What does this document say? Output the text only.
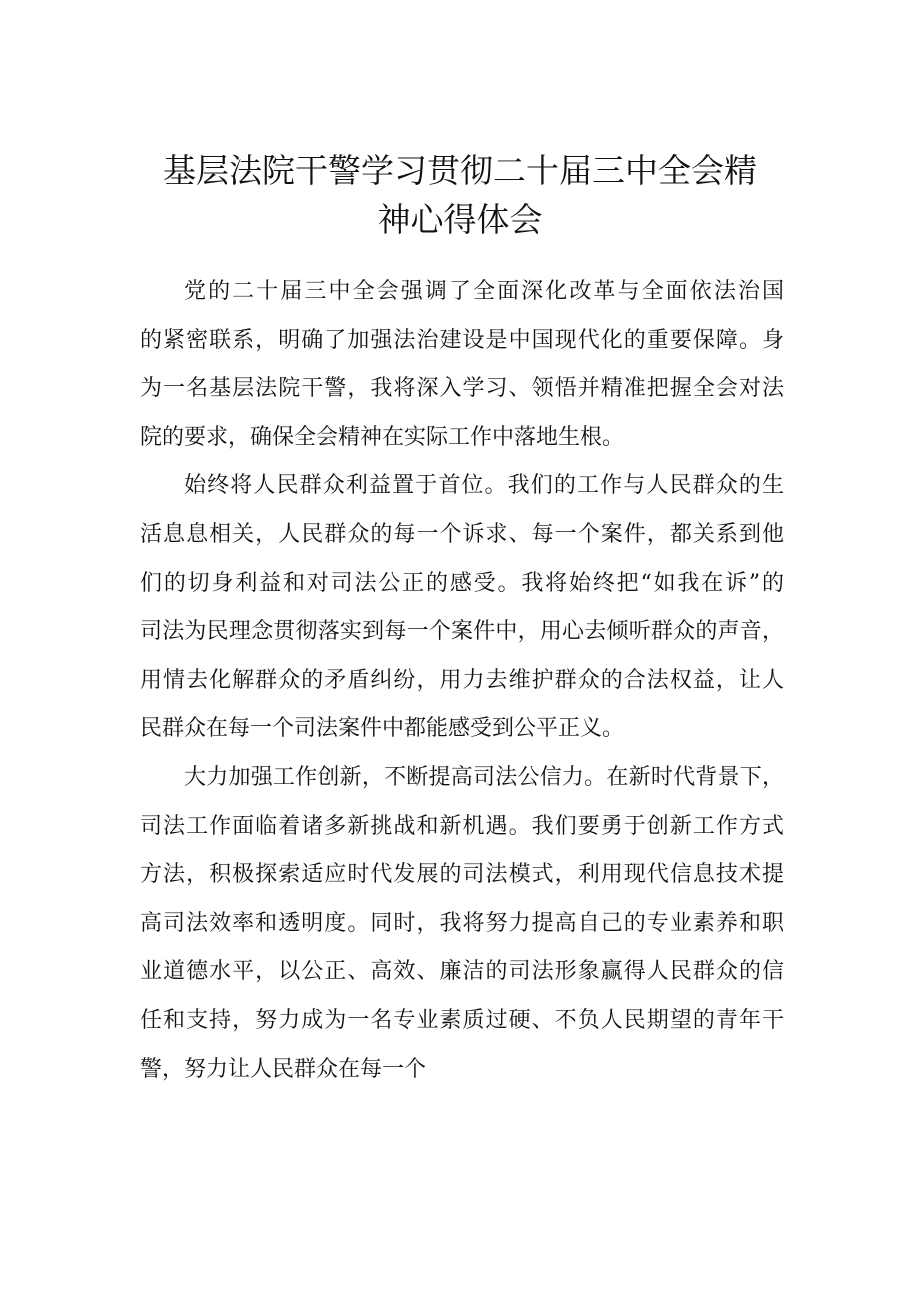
基层法院干警学习贯彻二十届三中全会精
神心得体会
党的二十届三中全会强调了全面深化改革与全面依法治国
的紧密联系，明确了加强法治建设是中国现代化的重要保障。身
为一名基层法院干警，我将深入学习、领悟并精准把握全会对法
院的要求，确保全会精神在实际工作中落地生根。
始终将人民群众利益置于首位。我们的工作与人民群众的生
活息息相关，人民群众的每一个诉求、每一个案件，都关系到他
们的切身利益和对司法公正的感受。我将始终把“如我在诉”的
司法为民理念贯彻落实到每一个案件中，用心去倾听群众的声音，
用情去化解群众的矛盾纠纷，用力去维护群众的合法权益，让人
民群众在每一个司法案件中都能感受到公平正义。
大力加强工作创新，不断提高司法公信力。在新时代背景下，
司法工作面临着诸多新挑战和新机遇。我们要勇于创新工作方式
方法，积极探索适应时代发展的司法模式，利用现代信息技术提
高司法效率和透明度。同时，我将努力提高自己的专业素养和职
业道德水平，以公正、高效、廉洁的司法形象赢得人民群众的信
任和支持，努力成为一名专业素质过硬、不负人民期望的青年干
警，努力让人民群众在每一个
